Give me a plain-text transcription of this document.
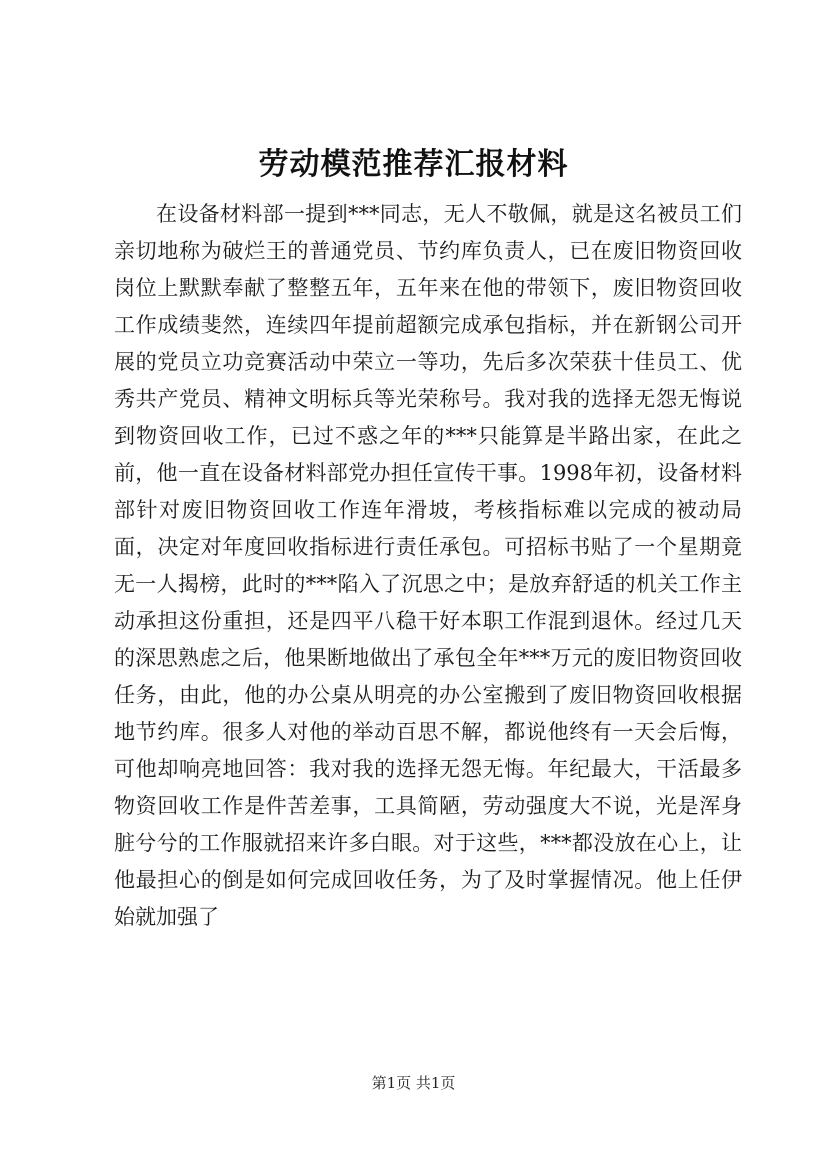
劳动模范推荐汇报材料

在设备材料部一提到***同志，无人不敬佩，就是这名被员工们亲切地称为破烂王的普通党员、节约库负责人，已在废旧物资回收岗位上默默奉献了整整五年，五年来在他的带领下，废旧物资回收工作成绩斐然，连续四年提前超额完成承包指标，并在新钢公司开展的党员立功竞赛活动中荣立一等功，先后多次荣获十佳员工、优秀共产党员、精神文明标兵等光荣称号。我对我的选择无怨无悔说到物资回收工作，已过不惑之年的***只能算是半路出家，在此之前，他一直在设备材料部党办担任宣传干事。1998年初，设备材料部针对废旧物资回收工作连年滑坡，考核指标难以完成的被动局面，决定对年度回收指标进行责任承包。可招标书贴了一个星期竟无一人揭榜，此时的***陷入了沉思之中；是放弃舒适的机关工作主动承担这份重担，还是四平八稳干好本职工作混到退休。经过几天的深思熟虑之后，他果断地做出了承包全年***万元的废旧物资回收任务，由此，他的办公桌从明亮的办公室搬到了废旧物资回收根据地节约库。很多人对他的举动百思不解，都说他终有一天会后悔，可他却响亮地回答：我对我的选择无怨无悔。年纪最大，干活最多物资回收工作是件苦差事，工具简陋，劳动强度大不说，光是浑身脏兮兮的工作服就招来许多白眼。对于这些，***都没放在心上，让他最担心的倒是如何完成回收任务，为了及时掌握情况。他上任伊始就加强了

第1页 共1页
